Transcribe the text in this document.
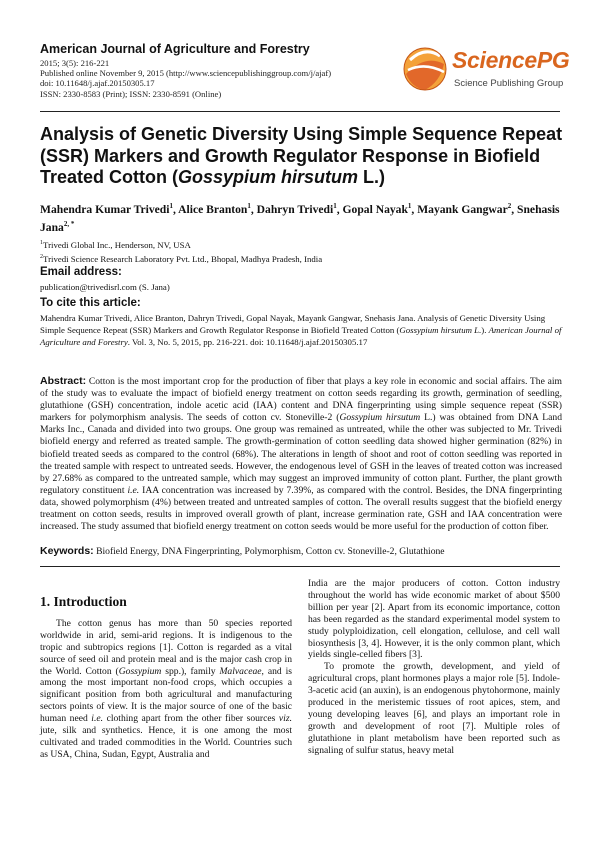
American Journal of Agriculture and Forestry
2015; 3(5): 216-221
Published online November 9, 2015 (http://www.sciencepublishinggroup.com/j/ajaf)
doi: 10.11648/j.ajaf.20150305.17
ISSN: 2330-8583 (Print); ISSN: 2330-8591 (Online)
SciencePG
Science Publishing Group
Analysis of Genetic Diversity Using Simple Sequence Repeat (SSR) Markers and Growth Regulator Response in Biofield Treated Cotton (Gossypium hirsutum L.)
Mahendra Kumar Trivedi$^1$, Alice Branton$^1$, Dahryn Trivedi$^1$, Gopal Nayak$^1$, Mayank Gangwar$^2$, Snehasis Jana$^{2, *}$
$^1$Trivedi Global Inc., Henderson, NV, USA
$^2$Trivedi Science Research Laboratory Pvt. Ltd., Bhopal, Madhya Pradesh, India
Email address:
publication@trivedisrl.com (S. Jana)
To cite this article:
Mahendra Kumar Trivedi, Alice Branton, Dahryn Trivedi, Gopal Nayak, Mayank Gangwar, Snehasis Jana. Analysis of Genetic Diversity Using Simple Sequence Repeat (SSR) Markers and Growth Regulator Response in Biofield Treated Cotton (Gossypium hirsutum L.). American Journal of Agriculture and Forestry. Vol. 3, No. 5, 2015, pp. 216-221. doi: 10.11648/j.ajaf.20150305.17
Abstract: Cotton is the most important crop for the production of fiber that plays a key role in economic and social affairs. The aim of the study was to evaluate the impact of biofield energy treatment on cotton seeds regarding its growth, germination of seedling, glutathione (GSH) concentration, indole acetic acid (IAA) content and DNA fingerprinting using simple sequence repeat (SSR) markers for polymorphism analysis. The seeds of cotton cv. Stoneville-2 (Gossypium hirsutum L.) was obtained from DNA Land Marks Inc., Canada and divided into two groups. One group was remained as untreated, while the other was subjected to Mr. Trivedi biofield energy and referred as treated sample. The growth-germination of cotton seedling data showed higher germination (82%) in biofield treated seeds as compared to the control (68%). The alterations in length of shoot and root of cotton seedling was reported in the treated sample with respect to untreated seeds. However, the endogenous level of GSH in the leaves of treated cotton was increased by 27.68% as compared to the untreated sample, which may suggest an improved immunity of cotton plant. Further, the plant growth regulatory constituent i.e. IAA concentration was increased by 7.39%, as compared with the control. Besides, the DNA fingerprinting data, showed polymorphism (4%) between treated and untreated samples of cotton. The overall results suggest that the biofield energy treatment on cotton seeds, results in improved overall growth of plant, increase germination rate, GSH and IAA concentration were increased. The study assumed that biofield energy treatment on cotton seeds would be more useful for the production of cotton fiber.
Keywords: Biofield Energy, DNA Fingerprinting, Polymorphism, Cotton cv. Stoneville-2, Glutathione
1. Introduction

The cotton genus has more than 50 species reported worldwide in arid, semi-arid regions. It is indigenous to the tropic and subtropics regions [1]. Cotton is regarded as a vital source of seed oil and protein meal and is the major cash crop in the World. Cotton (Gossypium spp.), family Malvaceae, and is among the most important non-food crops, which occupies a significant position from both agricultural and manufacturing sectors points of view. It is the major source of one of the basic human need i.e. clothing apart from the other fiber sources viz. jute, silk and synthetics. Hence, it is one among the most cultivated and traded commodities in the World. Countries such as USA, China, Sudan, Egypt, Australia and

India are the major producers of cotton. Cotton industry throughout the world has wide economic market of about $500 billion per year [2]. Apart from its economic importance, cotton has been regarded as the standard experimental model system to study polyploidization, cell elongation, cellulose, and cell wall biosynthesis [3, 4]. However, it is the only common plant, which yields single-celled fibers [3].

To promote the growth, development, and yield of agricultural crops, plant hormones plays a major role [5]. Indole-3-acetic acid (an auxin), is an endogenous phytohormone, mainly produced in the meristemic tissues of root apices, stem, and young developing leaves [6], and plays an important role in growth and development of root [7]. Multiple roles of glutathione in plant metabolism have been reported such as signaling of sulfur status, heavy metal
